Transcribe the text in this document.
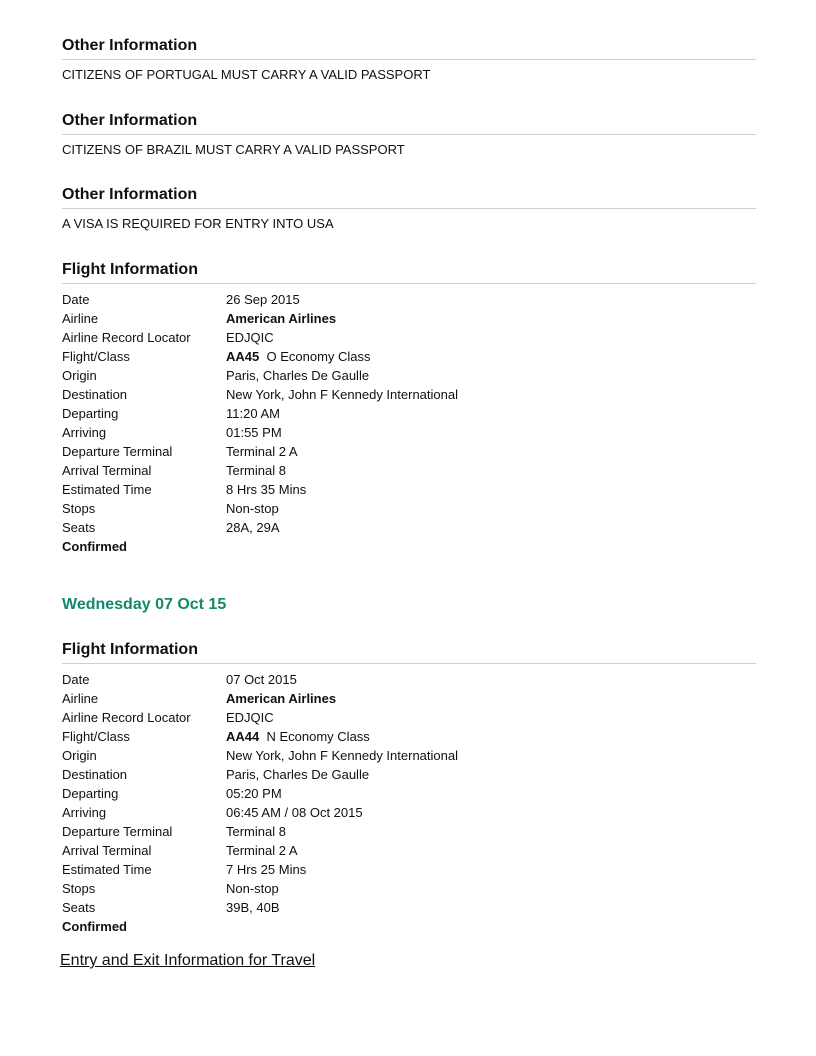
Other Information
CITIZENS OF PORTUGAL MUST CARRY A VALID PASSPORT
Other Information
CITIZENS OF BRAZIL MUST CARRY A VALID PASSPORT
Other Information
A VISA IS REQUIRED FOR ENTRY INTO USA
Flight Information
Date	26 Sep 2015
Airline	American Airlines
Airline Record Locator	EDJQIC
Flight/Class	AA45 O Economy Class
Origin	Paris, Charles De Gaulle
Destination	New York, John F Kennedy International
Departing	11:20 AM
Arriving	01:55 PM
Departure Terminal	Terminal 2 A
Arrival Terminal	Terminal 8
Estimated Time	8 Hrs 35 Mins
Stops	Non-stop
Seats	28A, 29A
Confirmed
Wednesday 07 Oct 15
Flight Information
Date	07 Oct 2015
Airline	American Airlines
Airline Record Locator	EDJQIC
Flight/Class	AA44 N Economy Class
Origin	New York, John F Kennedy International
Destination	Paris, Charles De Gaulle
Departing	05:20 PM
Arriving	06:45 AM / 08 Oct 2015
Departure Terminal	Terminal 8
Arrival Terminal	Terminal 2 A
Estimated Time	7 Hrs 25 Mins
Stops	Non-stop
Seats	39B, 40B
Confirmed
Entry and Exit Information for Travel
